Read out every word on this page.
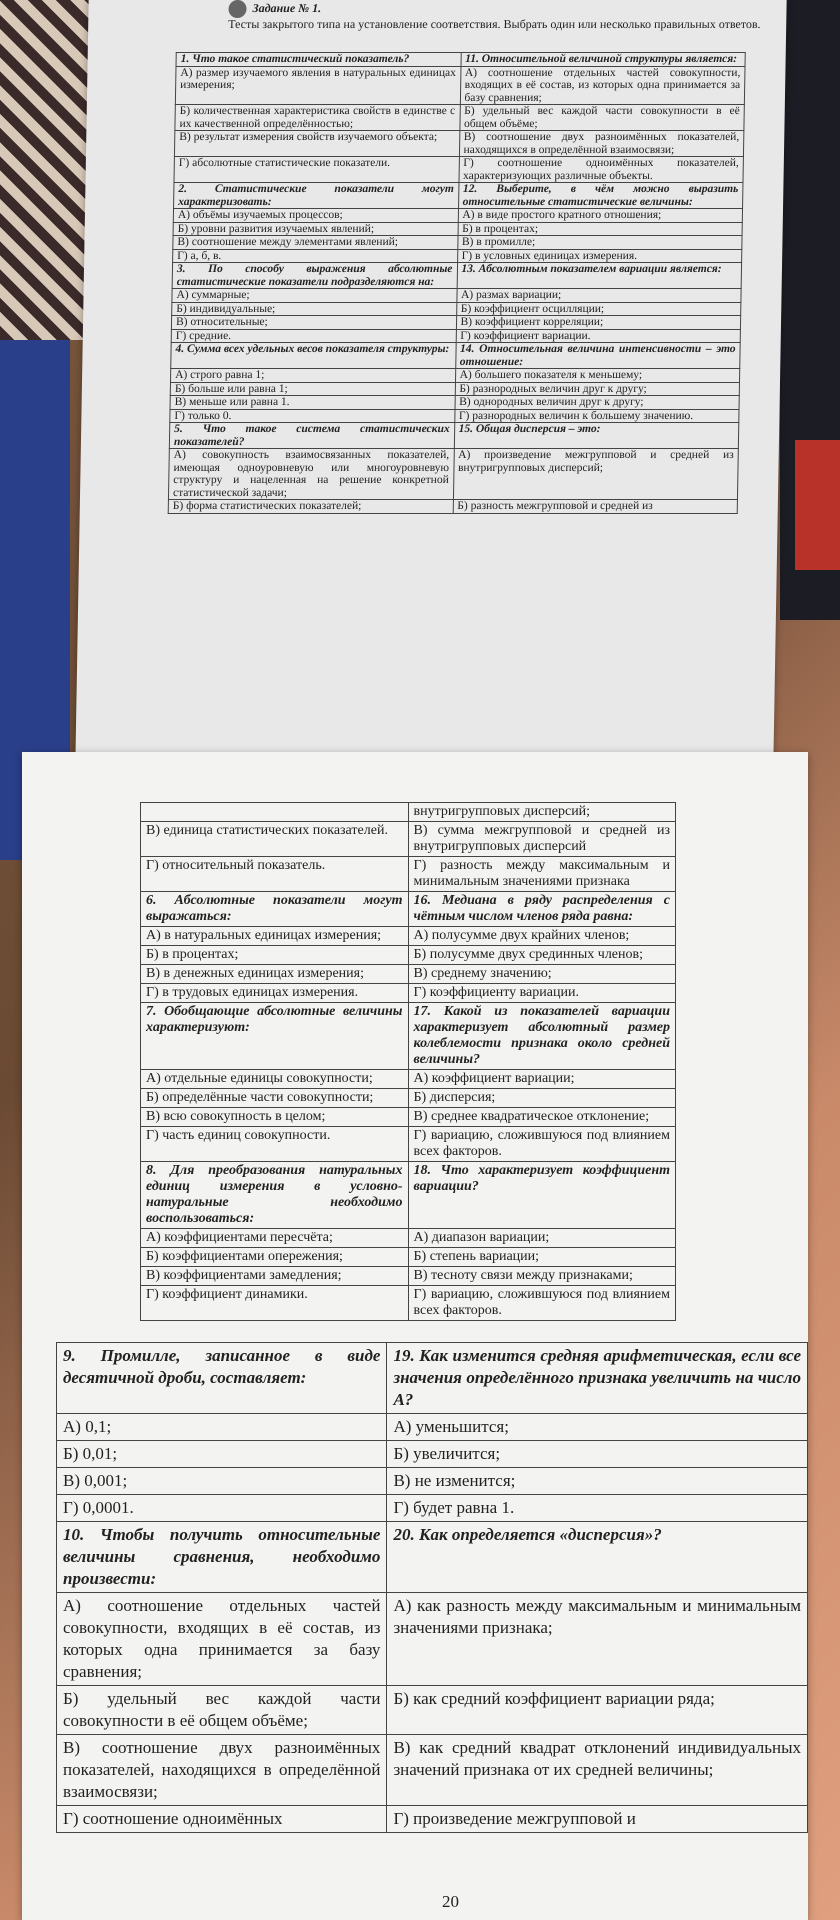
Задание № 1.
Тесты закрытого типа на установление соответствия. Выбрать один или несколько правильных ответов.
1. Что такое статистический показатель?	11. Относительной величиной структуры является:
А) размер изучаемого явления в натуральных единицах измерения;	А) соотношение отдельных частей совокупности, входящих в её состав, из которых одна принимается за базу сравнения;
Б) количественная характеристика свойств в единстве с их качественной определённостью;	Б) удельный вес каждой части совокупности в её общем объёме;
В) результат измерения свойств изучаемого объекта;	В) соотношение двух разноимённых показателей, находящихся в определённой взаимосвязи;
Г) абсолютные статистические показатели.	Г) соотношение одноимённых показателей, характеризующих различные объекты.
2. Статистические показатели могут характеризовать:	12. Выберите, в чём можно выразить относительные статистические величины:
А) объёмы изучаемых процессов;	А) в виде простого кратного отношения;
Б) уровни развития изучаемых явлений;	Б) в процентах;
В) соотношение между элементами явлений;	В) в промилле;
Г) а, б, в.	Г) в условных единицах измерения.
3. По способу выражения абсолютные статистические показатели подразделяются на:	13. Абсолютным показателем вариации является:
А) суммарные;	А) размах вариации;
Б) индивидуальные;	Б) коэффициент осцилляции;
В) относительные;	В) коэффициент корреляции;
Г) средние.	Г) коэффициент вариации.
4. Сумма всех удельных весов показателя структуры:	14. Относительная величина интенсивности – это отношение:
А) строго равна 1;	А) большего показателя к меньшему;
Б) больше или равна 1;	Б) разнородных величин друг к другу;
В) меньше или равна 1.	В) однородных величин друг к другу;
Г) только 0.	Г) разнородных величин к большему значению.
5. Что такое система статистических показателей?	15. Общая дисперсия – это:
А) совокупность взаимосвязанных показателей, имеющая одноуровневую или многоуровневую структуру и нацеленная на решение конкретной статистической задачи;	А) произведение межгрупповой и средней из внутригрупповых дисперсий;
Б) форма статистических показателей;	Б) разность межгрупповой и средней из
	внутригрупповых дисперсий;
В) единица статистических показателей.	В) сумма межгрупповой и средней из внутригрупповых дисперсий
Г) относительный показатель.	Г) разность между максимальным и минимальным значениями признака
6. Абсолютные показатели могут выражаться:	16. Медиана в ряду распределения с чётным числом членов ряда равна:
А) в натуральных единицах измерения;	А) полусумме двух крайних членов;
Б) в процентах;	Б) полусумме двух срединных членов;
В) в денежных единицах измерения;	В) среднему значению;
Г) в трудовых единицах измерения.	Г) коэффициенту вариации.
7. Обобщающие абсолютные величины характеризуют:	17. Какой из показателей вариации характеризует абсолютный размер колеблемости признака около средней величины?
А) отдельные единицы совокупности;	А) коэффициент вариации;
Б) определённые части совокупности;	Б) дисперсия;
В) всю совокупность в целом;	В) среднее квадратическое отклонение;
Г) часть единиц совокупности.	Г) вариацию, сложившуюся под влиянием всех факторов.
8. Для преобразования натуральных единиц измерения в условно-натуральные необходимо воспользоваться:	18. Что характеризует коэффициент вариации?
А) коэффициентами пересчёта;	А) диапазон вариации;
Б) коэффициентами опережения;	Б) степень вариации;
В) коэффициентами замедления;	В) тесноту связи между признаками;
Г) коэффициент динамики.	Г) вариацию, сложившуюся под влиянием всех факторов.
9. Промилле, записанное в виде десятичной дроби, составляет:	19. Как изменится средняя арифметическая, если все значения определённого признака увеличить на число А?
А) 0,1;	А) уменьшится;
Б) 0,01;	Б) увеличится;
В) 0,001;	В) не изменится;
Г) 0,0001.	Г) будет равна 1.
10. Чтобы получить относительные величины сравнения, необходимо произвести:	20. Как определяется «дисперсия»?
А) соотношение отдельных частей совокупности, входящих в её состав, из которых одна принимается за базу сравнения;	А) как разность между максимальным и минимальным значениями признака;
Б) удельный вес каждой части совокупности в её общем объёме;	Б) как средний коэффициент вариации ряда;
В) соотношение двух разноимённых показателей, находящихся в определённой взаимосвязи;	В) как средний квадрат отклонений индивидуальных значений признака от их средней величины;
Г) соотношение одноимённых	Г) произведение межгрупповой и
20
